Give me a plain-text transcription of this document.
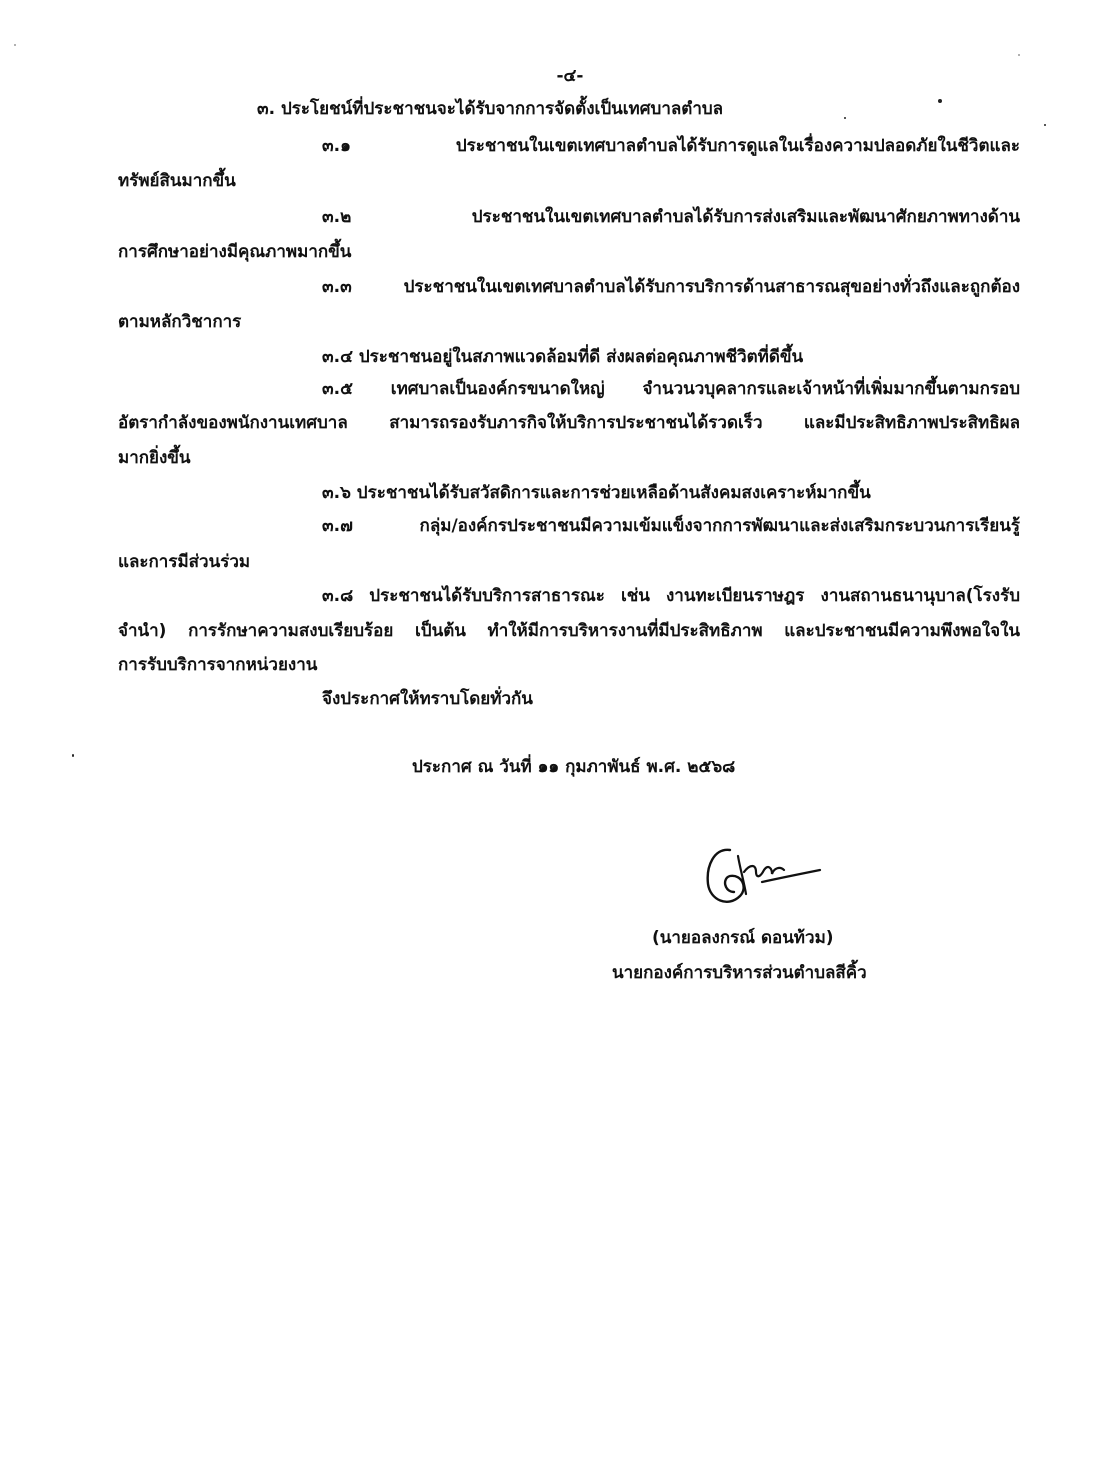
-๔-
๓. ประโยชน์ที่ประชาชนจะได้รับจากการจัดตั้งเป็นเทศบาลตำบล
๓.๑ ประชาชนในเขตเทศบาลตำบลได้รับการดูแลในเรื่องความปลอดภัยในชีวิตและ
ทรัพย์สินมากขึ้น
๓.๒ ประชาชนในเขตเทศบาลตำบลได้รับการส่งเสริมและพัฒนาศักยภาพทางด้าน
การศึกษาอย่างมีคุณภาพมากขึ้น
๓.๓ ประชาชนในเขตเทศบาลตำบลได้รับการบริการด้านสาธารณสุขอย่างทั่วถึงและถูกต้อง
ตามหลักวิชาการ
๓.๔ ประชาชนอยู่ในสภาพแวดล้อมที่ดี ส่งผลต่อคุณภาพชีวิตที่ดีขึ้น
๓.๕ เทศบาลเป็นองค์กรขนาดใหญ่ จำนวนวบุคลากรและเจ้าหน้าที่เพิ่มมากขึ้นตามกรอบ
อัตรากำลังของพนักงานเทศบาล สามารถรองรับภารกิจให้บริการประชาชนได้รวดเร็ว และมีประสิทธิภาพประสิทธิผล
มากยิ่งขึ้น
๓.๖ ประชาชนได้รับสวัสดิการและการช่วยเหลือด้านสังคมสงเคราะห์มากขึ้น
๓.๗ กลุ่ม/องค์กรประชาชนมีความเข้มแข็งจากการพัฒนาและส่งเสริมกระบวนการเรียนรู้
และการมีส่วนร่วม
๓.๘ ประชาชนได้รับบริการสาธารณะ เช่น งานทะเบียนราษฎร งานสถานธนานุบาล(โรงรับ
จำนำ) การรักษาความสงบเรียบร้อย เป็นต้น ทำให้มีการบริหารงานที่มีประสิทธิภาพ และประชาชนมีความพึงพอใจใน
การรับบริการจากหน่วยงาน
จึงประกาศให้ทราบโดยทั่วกัน
ประกาศ ณ วันที่ ๑๑ กุมภาพันธ์ พ.ศ. ๒๕๖๘
(นายอลงกรณ์ ดอนท้วม)
นายกองค์การบริหารส่วนตำบลสีคิ้ว
